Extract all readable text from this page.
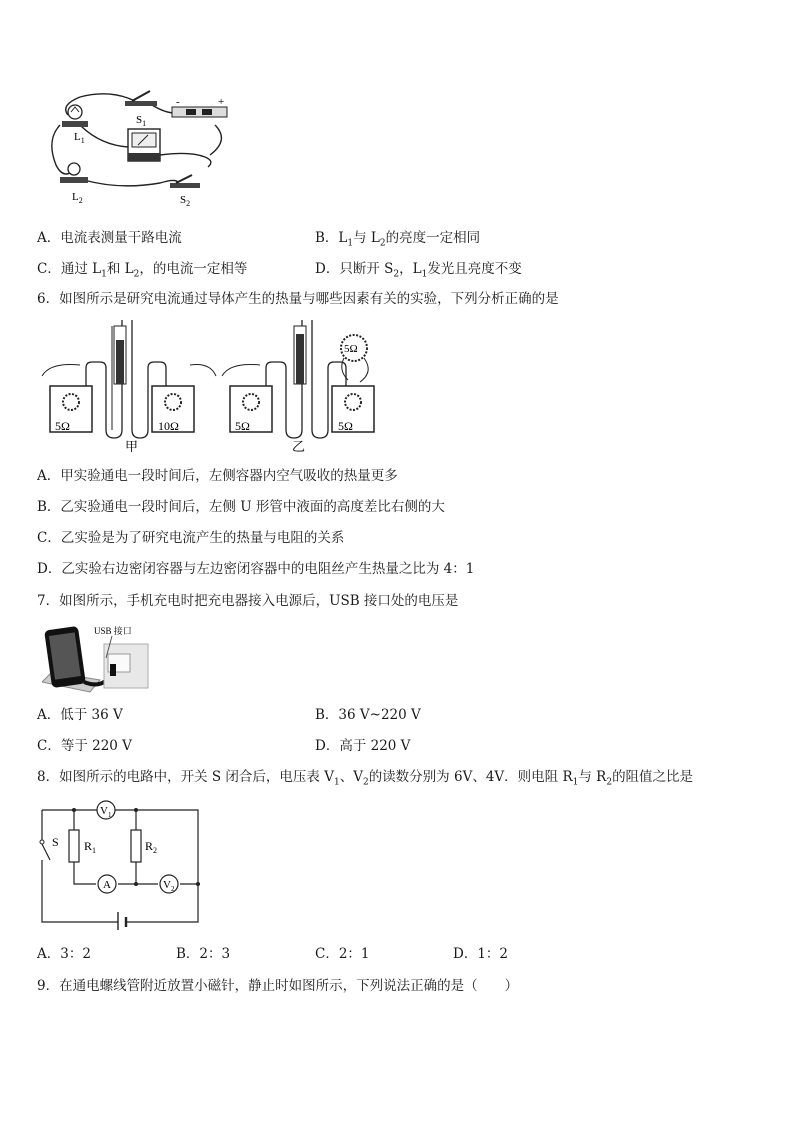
$L_1$
$S_1$
-	+
$L_2$	$S_2$
A．电流表测量干路电流	B．$L_1$与 $L_2$的亮度一定相同
C．通过 $L_1$和 $L_2$，的电流一定相等	D．只断开 $S_2$，$L_1$发光且亮度不变
6．如图所示是研究电流通过导体产生的热量与哪些因素有关的实验，下列分析正确的是
5Ω	10Ω
甲
5Ω
5Ω	5Ω
乙
A．甲实验通电一段时间后，左侧容器内空气吸收的热量更多
B．乙实验通电一段时间后，左侧 U 形管中液面的高度差比右侧的大
C．乙实验是为了研究电流产生的热量与电阻的关系
D．乙实验右边密闭容器与左边密闭容器中的电阻丝产生热量之比为 4：1
7．如图所示，手机充电时把充电器接入电源后，USB 接口处的电压是
USB 接口
A．低于 36 V	B．36 V~220 V
C．等于 220 V	D．高于 220 V
8．如图所示的电路中，开关 S 闭合后，电压表 $V_1$、$V_2$的读数分别为 6V、4V．则电阻 $R_1$与 $R_2$的阻值之比是
S $R_1$	$R_2$
$V_1$
A	$V_2$
A．3：2	B．2：3	C．2：1	D．1：2
9．在通电螺线管附近放置小磁针，静止时如图所示，下列说法正确的是（　　）
